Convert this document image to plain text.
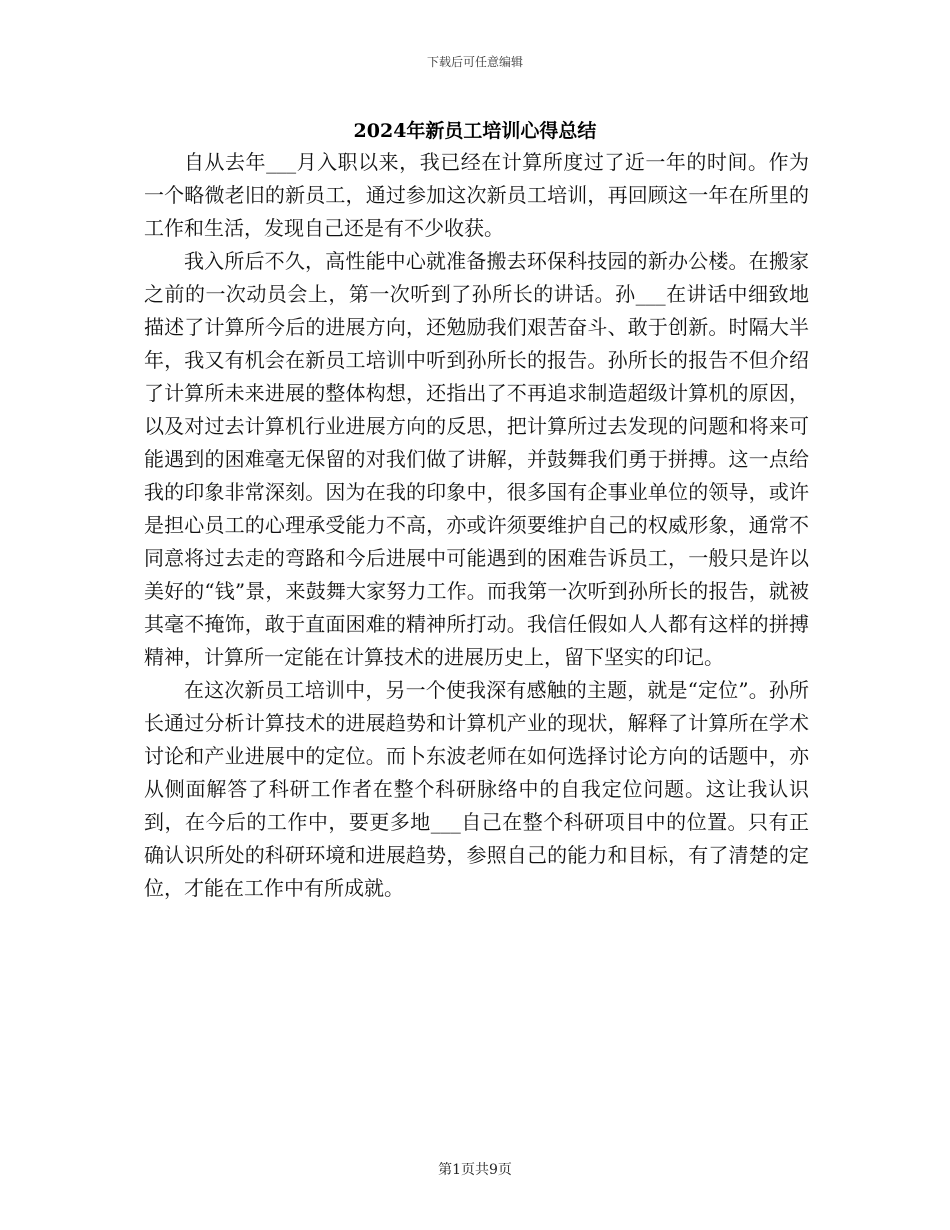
下载后可任意编辑
2024年新员工培训心得总结

自从去年___月入职以来，我已经在计算所度过了近一年的时间。作为一个略微老旧的新员工，通过参加这次新员工培训，再回顾这一年在所里的工作和生活，发现自己还是有不少收获。

我入所后不久，高性能中心就准备搬去环保科技园的新办公楼。在搬家之前的一次动员会上，第一次听到了孙所长的讲话。孙___在讲话中细致地描述了计算所今后的进展方向，还勉励我们艰苦奋斗、敢于创新。时隔大半年，我又有机会在新员工培训中听到孙所长的报告。孙所长的报告不但介绍了计算所未来进展的整体构想，还指出了不再追求制造超级计算机的原因，以及对过去计算机行业进展方向的反思，把计算所过去发现的问题和将来可能遇到的困难毫无保留的对我们做了讲解，并鼓舞我们勇于拼搏。这一点给我的印象非常深刻。因为在我的印象中，很多国有企事业单位的领导，或许是担心员工的心理承受能力不高，亦或许须要维护自己的权威形象，通常不同意将过去走的弯路和今后进展中可能遇到的困难告诉员工，一般只是许以美好的“钱”景，来鼓舞大家努力工作。而我第一次听到孙所长的报告，就被其毫不掩饰，敢于直面困难的精神所打动。我信任假如人人都有这样的拼搏精神，计算所一定能在计算技术的进展历史上，留下坚实的印记。

在这次新员工培训中，另一个使我深有感触的主题，就是“定位”。孙所长通过分析计算技术的进展趋势和计算机产业的现状，解释了计算所在学术讨论和产业进展中的定位。而卜东波老师在如何选择讨论方向的话题中，亦从侧面解答了科研工作者在整个科研脉络中的自我定位问题。这让我认识到，在今后的工作中，要更多地___自己在整个科研项目中的位置。只有正确认识所处的科研环境和进展趋势，参照自己的能力和目标，有了清楚的定位，才能在工作中有所成就。

第1页共9页
